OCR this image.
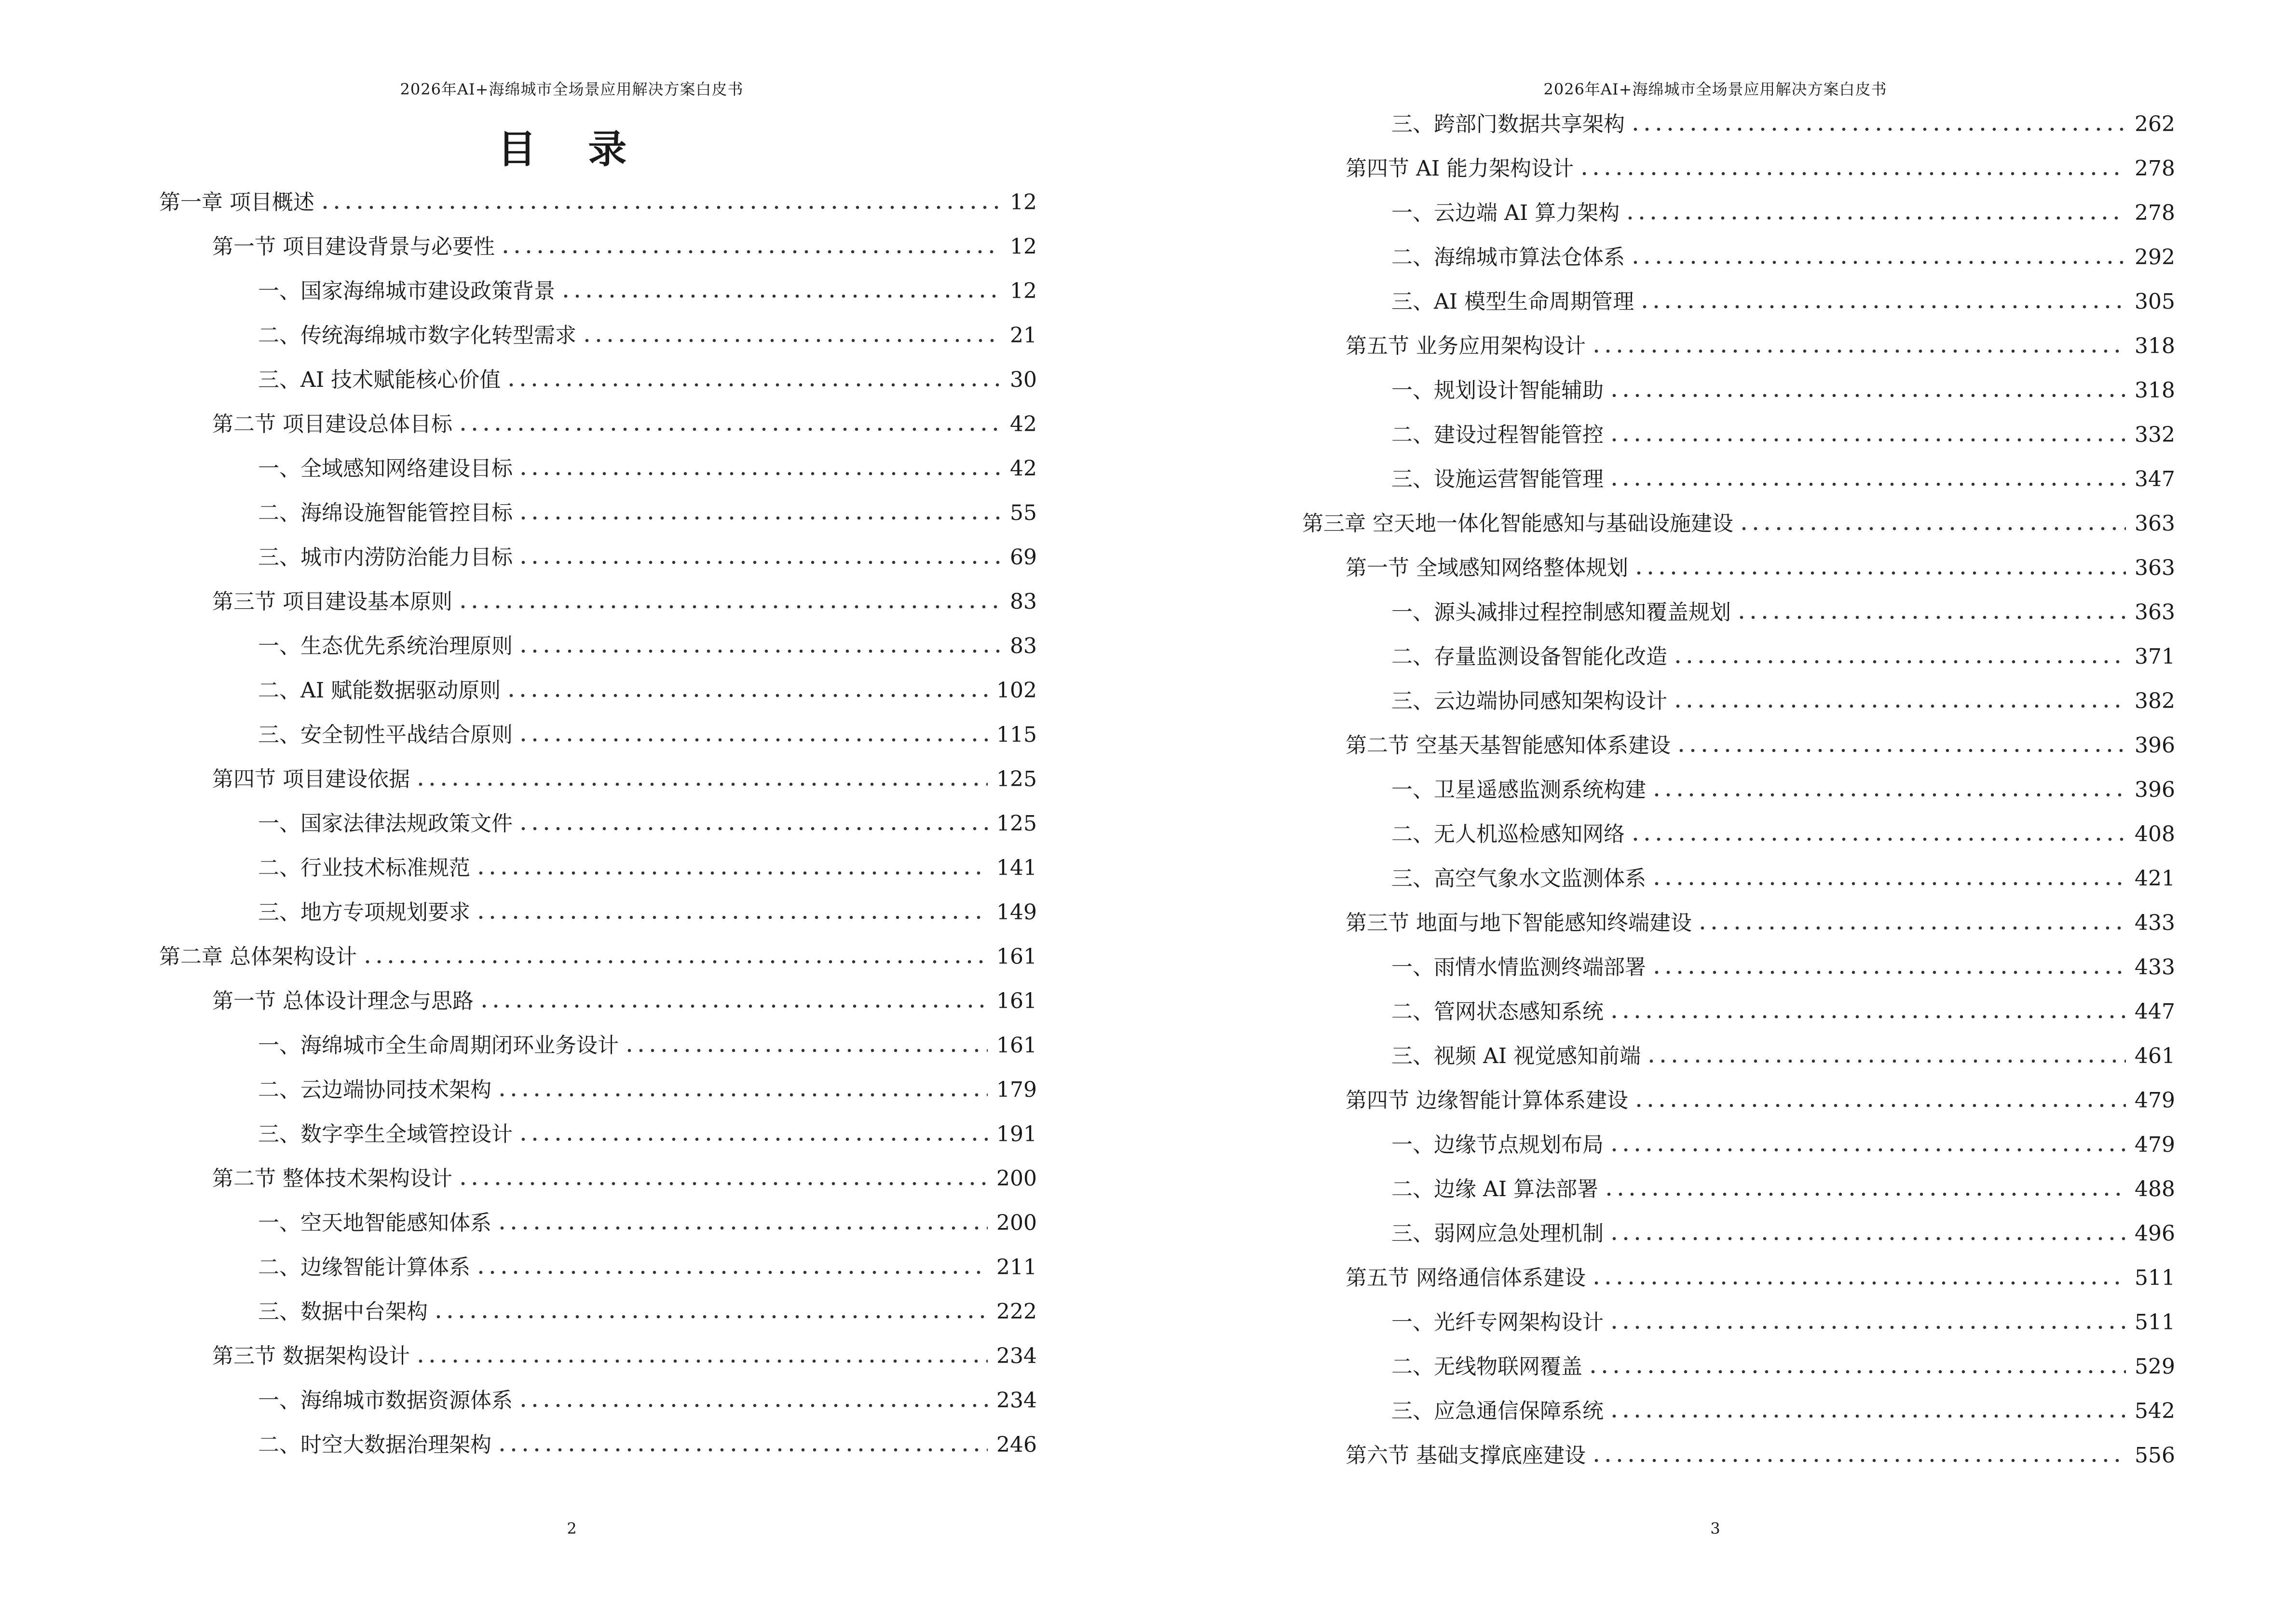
2026年AI+海绵城市全场景应用解决方案白皮书
目 录
第一章 项目概述	12
第一节 项目建设背景与必要性	12
一、国家海绵城市建设政策背景	12
二、传统海绵城市数字化转型需求	21
三、AI 技术赋能核心价值	30
第二节 项目建设总体目标	42
一、全域感知网络建设目标	42
二、海绵设施智能管控目标	55
三、城市内涝防治能力目标	69
第三节 项目建设基本原则	83
一、生态优先系统治理原则	83
二、AI 赋能数据驱动原则	102
三、安全韧性平战结合原则	115
第四节 项目建设依据	125
一、国家法律法规政策文件	125
二、行业技术标准规范	141
三、地方专项规划要求	149
第二章 总体架构设计	161
第一节 总体设计理念与思路	161
一、海绵城市全生命周期闭环业务设计	161
二、云边端协同技术架构	179
三、数字孪生全域管控设计	191
第二节 整体技术架构设计	200
一、空天地智能感知体系	200
二、边缘智能计算体系	211
三、数据中台架构	222
第三节 数据架构设计	234
一、海绵城市数据资源体系	234
二、时空大数据治理架构	246
2
2026年AI+海绵城市全场景应用解决方案白皮书
三、跨部门数据共享架构	262
第四节 AI 能力架构设计	278
一、云边端 AI 算力架构	278
二、海绵城市算法仓体系	292
三、AI 模型生命周期管理	305
第五节 业务应用架构设计	318
一、规划设计智能辅助	318
二、建设过程智能管控	332
三、设施运营智能管理	347
第三章 空天地一体化智能感知与基础设施建设	363
第一节 全域感知网络整体规划	363
一、源头减排过程控制感知覆盖规划	363
二、存量监测设备智能化改造	371
三、云边端协同感知架构设计	382
第二节 空基天基智能感知体系建设	396
一、卫星遥感监测系统构建	396
二、无人机巡检感知网络	408
三、高空气象水文监测体系	421
第三节 地面与地下智能感知终端建设	433
一、雨情水情监测终端部署	433
二、管网状态感知系统	447
三、视频 AI 视觉感知前端	461
第四节 边缘智能计算体系建设	479
一、边缘节点规划布局	479
二、边缘 AI 算法部署	488
三、弱网应急处理机制	496
第五节 网络通信体系建设	511
一、光纤专网架构设计	511
二、无线物联网覆盖	529
三、应急通信保障系统	542
第六节 基础支撑底座建设	556
3
